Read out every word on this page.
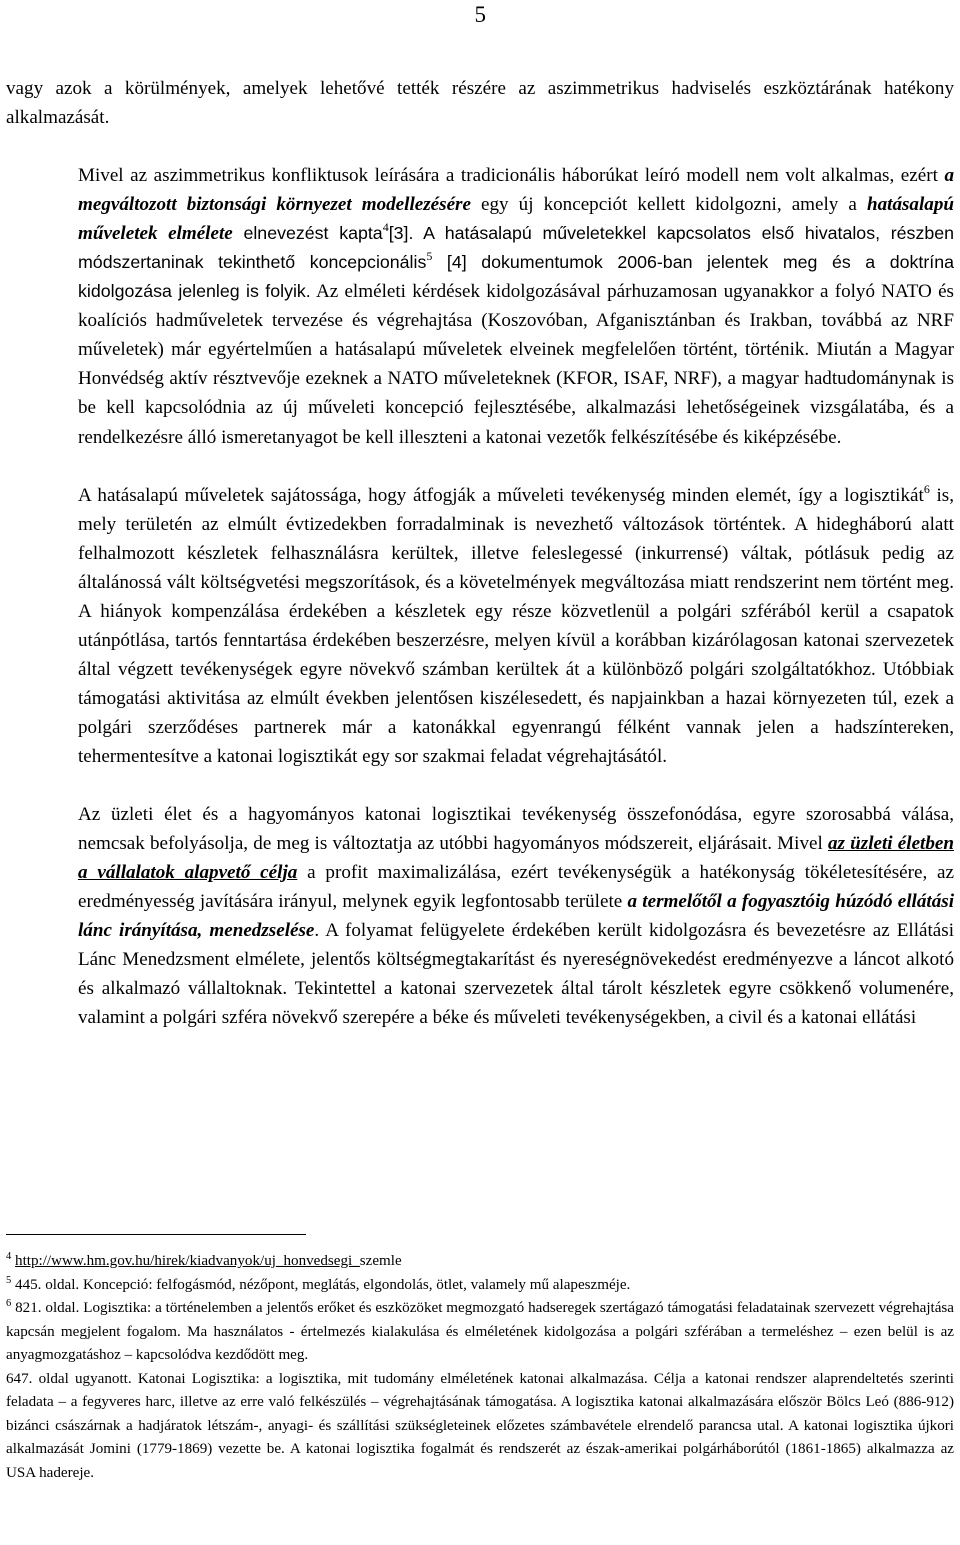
5

vagy azok a körülmények, amelyek lehetővé tették részére az aszimmetrikus hadviselés eszköztárának hatékony alkalmazását.

Mivel az aszimmetrikus konfliktusok leírására a tradicionális háborúkat leíró modell nem volt alkalmas, ezért a megváltozott biztonsági környezet modellezésére egy új koncepciót kellett kidolgozni, amely a hatásalapú műveletek elmélete elnevezést kapta$^4$[3]. A hatásalapú műveletekkel kapcsolatos első hivatalos, részben módszertaninak tekinthető koncepcionális$^5$ [4] dokumentumok 2006-ban jelentek meg és a doktrína kidolgozása jelenleg is folyik. Az elméleti kérdések kidolgozásával párhuzamosan ugyanakkor a folyó NATO és koalíciós hadműveletek tervezése és végrehajtása (Koszovóban, Afganisztánban és Irakban, továbbá az NRF műveletek) már egyértelműen a hatásalapú műveletek elveinek megfelelően történt, történik. Miután a Magyar Honvédség aktív résztvevője ezeknek a NATO műveleteknek (KFOR, ISAF, NRF), a magyar hadtudománynak is be kell kapcsolódnia az új műveleti koncepció fejlesztésébe, alkalmazási lehetőségeinek vizsgálatába, és a rendelkezésre álló ismeretanyagot be kell illeszteni a katonai vezetők felkészítésébe és kiképzésébe.

A hatásalapú műveletek sajátossága, hogy átfogják a műveleti tevékenység minden elemét, így a logisztikát$^6$ is, mely területén az elmúlt évtizedekben forradalminak is nevezhető változások történtek. A hidegháború alatt felhalmozott készletek felhasználásra kerültek, illetve feleslegessé (inkurrensé) váltak, pótlásuk pedig az általánossá vált költségvetési megszorítások, és a követelmények megváltozása miatt rendszerint nem történt meg. A hiányok kompenzálása érdekében a készletek egy része közvetlenül a polgári szférából kerül a csapatok utánpótlása, tartós fenntartása érdekében beszerzésre, melyen kívül a korábban kizárólagosan katonai szervezetek által végzett tevékenységek egyre növekvő számban kerültek át a különböző polgári szolgáltatókhoz. Utóbbiak támogatási aktivitása az elmúlt években jelentősen kiszélesedett, és napjainkban a hazai környezeten túl, ezek a polgári szerződéses partnerek már a katonákkal egyenrangú félként vannak jelen a hadszíntereken, tehermentesítve a katonai logisztikát egy sor szakmai feladat végrehajtásától.

Az üzleti élet és a hagyományos katonai logisztikai tevékenység összefonódása, egyre szorosabbá válása, nemcsak befolyásolja, de meg is változtatja az utóbbi hagyományos módszereit, eljárásait. Mivel az üzleti életben a vállalatok alapvető célja a profit maximalizálása, ezért tevékenységük a hatékonyság tökéletesítésére, az eredményesség javítására irányul, melynek egyik legfontosabb területe a termelőtől a fogyasztóig húzódó ellátási lánc irányítása, menedzselése. A folyamat felügyelete érdekében került kidolgozásra és bevezetésre az Ellátási Lánc Menedzsment elmélete, jelentős költségmegtakarítást és nyereségnövekedést eredményezve a láncot alkotó és alkalmazó vállaltoknak. Tekintettel a katonai szervezetek által tárolt készletek egyre csökkenő volumenére, valamint a polgári szféra növekvő szerepére a béke és műveleti tevékenységekben, a civil és a katonai ellátási

$^4$ http://www.hm.gov.hu/hirek/kiadvanyok/uj_honvedsegi_szemle

$^5$ 445. oldal. Koncepció: felfogásmód, nézőpont, meglátás, elgondolás, ötlet, valamely mű alapeszméje.

$^6$ 821. oldal. Logisztika: a történelemben a jelentős erőket és eszközöket megmozgató hadseregek szertágazó támogatási feladatainak szervezett végrehajtása kapcsán megjelent fogalom. Ma használatos - értelmezés kialakulása és elméletének kidolgozása a polgári szférában a termeléshez – ezen belül is az anyagmozgatáshoz – kapcsolódva kezdődött meg.

647. oldal ugyanott. Katonai Logisztika: a logisztika, mit tudomány elméletének katonai alkalmazása. Célja a katonai rendszer alaprendeltetés szerinti feladata – a fegyveres harc, illetve az erre való felkészülés – végrehajtásának támogatása. A logisztika katonai alkalmazására először Bölcs Leó (886-912) bizánci császárnak a hadjáratok létszám-, anyagi- és szállítási szükségleteinek előzetes számbavétele elrendelő parancsa utal. A katonai logisztika újkori alkalmazását Jomini (1779-1869) vezette be. A katonai logisztika fogalmát és rendszerét az észak-amerikai polgárháborútól (1861-1865) alkalmazza az USA hadereje.
